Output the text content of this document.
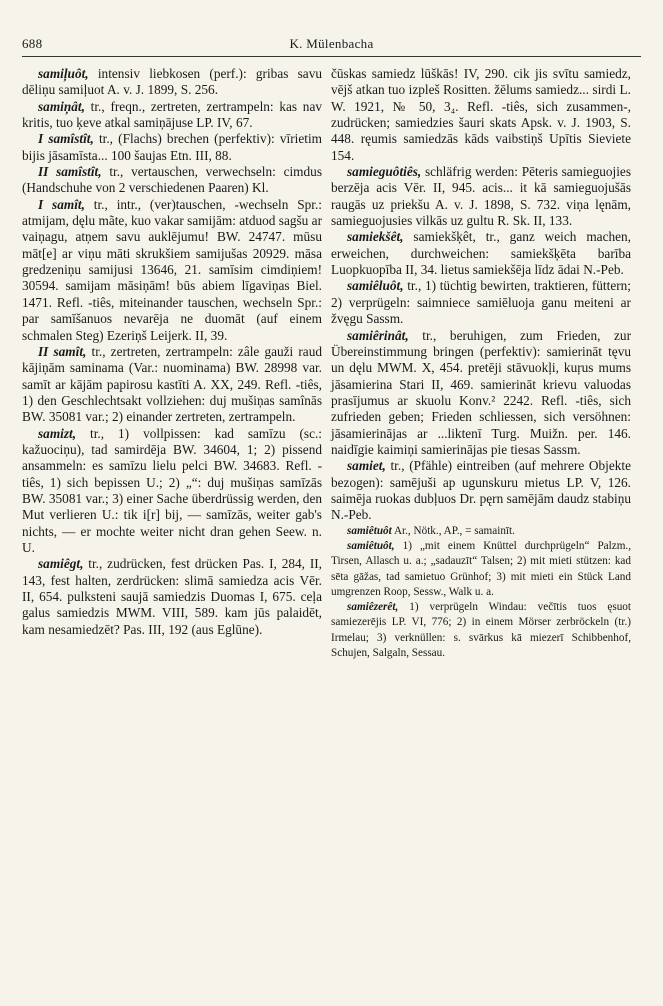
688	K. Mülenbacha

samiļuôt, intensiv liebkosen (perf.): gribas savu dēliņu samiļuot A. v. J. 1899, S. 256.

samiņât, tr., freqn., zertreten, zertrampeln: kas nav kritis, tuo ķeve atkal samiņājuse LP. IV, 67.

I samîstît, tr., (Flachs) brechen (perfektiv): vīrietim bijis jāsamīsta... 100 šaujas Etn. III, 88.

II samîstît, tr., vertauschen, verwechseln: cimdus (Handschuhe von 2 verschiedenen Paaren) Kl.

I samît, tr., intr., (ver)tauschen, -wechseln Spr.: atmijam, dęlu mãte, kuo vakar samijām: atduod sagšu ar vaiņagu, atņem savu auklējumu! BW. 24747. mūsu māt[e] ar viņu māti skrukšiem samijušas 20929. māsa gredzeniņu samijusi 13646, 21. samīsim cimdiņiem! 30594. samijam māsiņām! būs abiem līgaviņas Biel. 1471. Refl. -tiês, miteinander tauschen, wechseln Spr.: par samīšanuos nevarēja ne duomāt (auf einem schmalen Steg) Ezeriņš Leijerk. II, 39.

II samît, tr., zertreten, zertrampeln: zâle gauži raud kājiņām saminama (Var.: nuominama) BW. 28998 var. samīt ar kājām papirosu kastīti A. XX, 249. Refl. -tiês, 1) den Geschlechtsakt vollziehen: duj mušiņas samînās BW. 35081 var.; 2) einander zertreten, zertrampeln.

samizt, tr., 1) vollpissen: kad samīzu (sc.: kažuociņu), tad samirdēja BW. 34604, 1; 2) pissend ansammeln: es samīzu lielu pelci BW. 34683. Refl. -tiês, 1) sich bepissen U.; 2) „“: duj mušiņas samīzās BW. 35081 var.; 3) einer Sache überdrüssig werden, den Mut verlieren U.: tik i[r] bij, — samīzās, weiter gab's nichts, — er mochte weiter nicht dran gehen Seew. n. U.

samiêgt, tr., zudrücken, fest drücken Pas. I, 284, II, 143, fest halten, zerdrücken: slimā samiedza acis Vēr. II, 654. pulksteni saujā samiedzis Duomas I, 675. ceļa galus samiedzis MWM. VIII, 589. kam jūs palaidēt, kam nesamiedzēt? Pas. III, 192 (aus Eglūne).

čūskas samiedz lūškās! IV, 290. cik jis svītu samiedz, vējš atkan tuo izpleš Rositten. žēlums samiedz... sirdi L. W. 1921, № 50, 3₄. Refl. -tiês, sich zusammen-, zudrücken; samiedzies šauri skats Apsk. v. J. 1903, S. 448. ręumis samiedzās kāds vaibstiņš Upītis Sieviete 154.

samieguôtiês, schläfrig werden: Pēteris samieguojies berzēja acis Vēr. II, 945. acis... it kā samieguojušās raugās uz priekšu A. v. J. 1898, S. 732. viņa lęnām, samieguojusies vilkās uz gultu R. Sk. II, 133.

samiekšêt, samiekšķêt, tr., ganz weich machen, erweichen, durchweichen: samiekšķēta barība Luopkuopība II, 34. lietus samiekšēja līdz ādai N.-Peb.

samiêluôt, tr., 1) tüchtig bewirten, traktieren, füttern; 2) verprügeln: saimniece samiēluoja ganu meiteni ar žvęgu Sassm.

samiêrinât, tr., beruhigen, zum Frieden, zur Übereinstimmung bringen (perfektiv): samierināt tęvu un dęlu MWM. X, 454. pretēji stāvuokļi, kuŗus mums jāsamierina Stari II, 469. samierināt krievu valuodas prasījumus ar skuolu Konv.² 2242. Refl. -tiês, sich zufrieden geben; Frieden schliessen, sich versöhnen: jāsamierinājas ar ...liktenī Turg. Muižn. per. 146. naidīgie kaimiņi samierinājas pie tiesas Sassm.

samiet, tr., (Pfähle) eintreiben (auf mehrere Objekte bezogen): samējuši ap ugunskuru mietus LP. V, 126. saimēja ruokas dubļuos Dr. pęrn samējām daudz stabiņu N.-Peb.

samiêtuôt Ar., Nötk., AP., = samainīt.

samiêtuôt, 1) „mit einem Knüttel durchprügeln“ Palzm., Tirsen, Allasch u. a.; „sadauzīt“ Talsen; 2) mit mieti stützen: kad sēta gāžas, tad samietuo Grünhof; 3) mit mieti ein Stück Land umgrenzen Roop, Sessw., Walk u. a.

samiêzerêt, 1) verprügeln Windau: večītis tuos ęsuot samiezerējis LP. VI, 776; 2) in einem Mörser zerbröckeln (tr.) Irmelau; 3) verknüllen: s. svārkus kā miezerī Schibbenhof, Schujen, Salgaln, Sessau.
